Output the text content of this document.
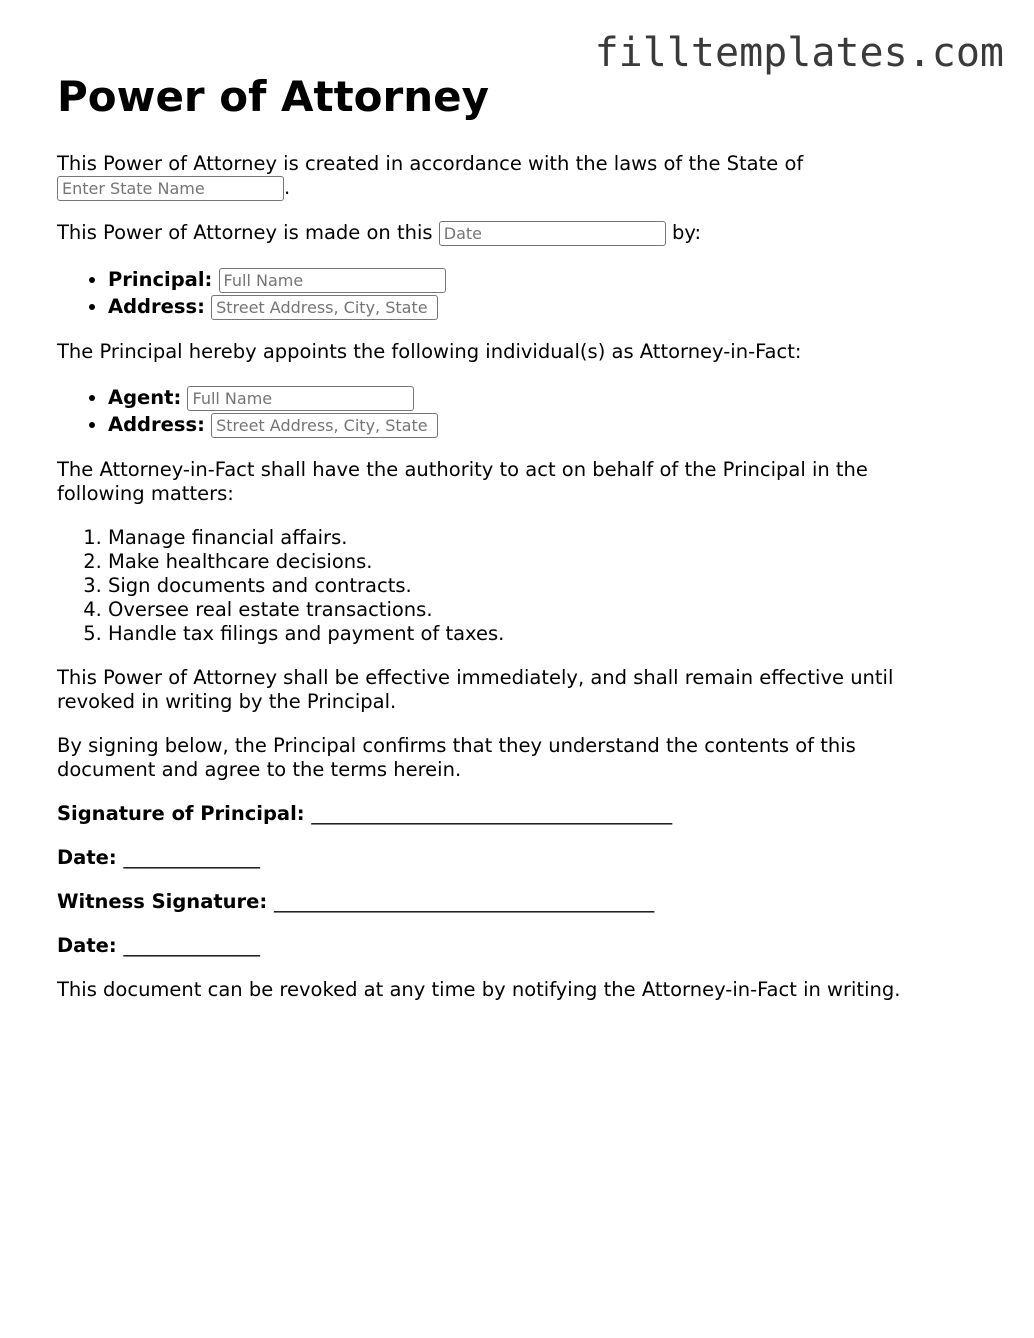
filltemplates.com
Power of Attorney

This Power of Attorney is created in accordance with the laws of the State of
Enter State Name	.

This Power of Attorney is made on this Date	by:

• Principal: Full Name
• Address: Street Address, City, State

The Principal hereby appoints the following individual(s) as Attorney-in-Fact:

• Agent: Full Name
• Address: Street Address, City, State

The Attorney-in-Fact shall have the authority to act on behalf of the Principal in the following matters:

1. Manage financial affairs.
2. Make healthcare decisions.
3. Sign documents and contracts.
4. Oversee real estate transactions.
5. Handle tax filings and payment of taxes.

This Power of Attorney shall be effective immediately, and shall remain effective until revoked in writing by the Principal.

By signing below, the Principal confirms that they understand the contents of this document and agree to the terms herein.

Signature of Principal: _____________________________________

Date: ______________

Witness Signature: _______________________________________

Date: ______________

This document can be revoked at any time by notifying the Attorney-in-Fact in writing.
